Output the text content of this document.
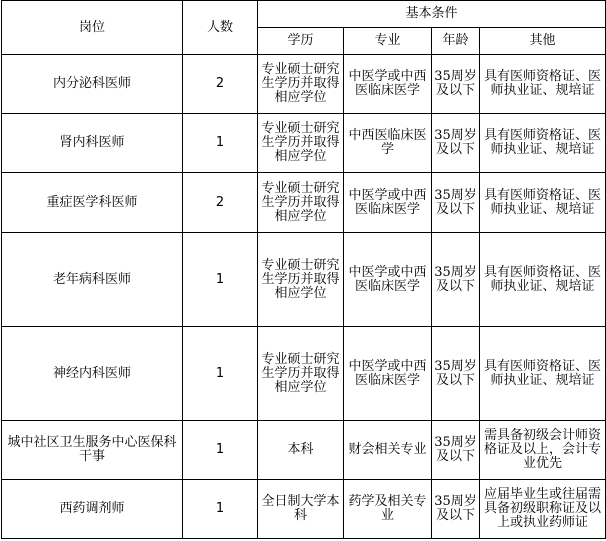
岗位	人数	基本条件			
		学历	专业	年龄	其他
内分泌科医师	2	专业硕士研究生学历并取得相应学位	中医学或中西医临床医学	35周岁及以下	具有医师资格证、医师执业证、规培证
肾内科医师	1	专业硕士研究生学历并取得相应学位	中西医临床医学	35周岁及以下	具有医师资格证、医师执业证、规培证
重症医学科医师	2	专业硕士研究生学历并取得相应学位	中医学或中西医临床医学	35周岁及以下	具有医师资格证、医师执业证、规培证
老年病科医师	1	专业硕士研究生学历并取得相应学位	中医学或中西医临床医学	35周岁及以下	具有医师资格证、医师执业证、规培证
神经内科医师	1	专业硕士研究生学历并取得相应学位	中医学或中西医临床医学	35周岁及以下	具有医师资格证、医师执业证、规培证
城中社区卫生服务中心医保科干事	1	本科	财会相关专业	35周岁及以下	需具备初级会计师资格证及以上，会计专业优先
西药调剂师	1	全日制大学本科	药学及相关专业	35周岁及以下	应届毕业生或往届需具备初级职称证及以上或执业药师证
